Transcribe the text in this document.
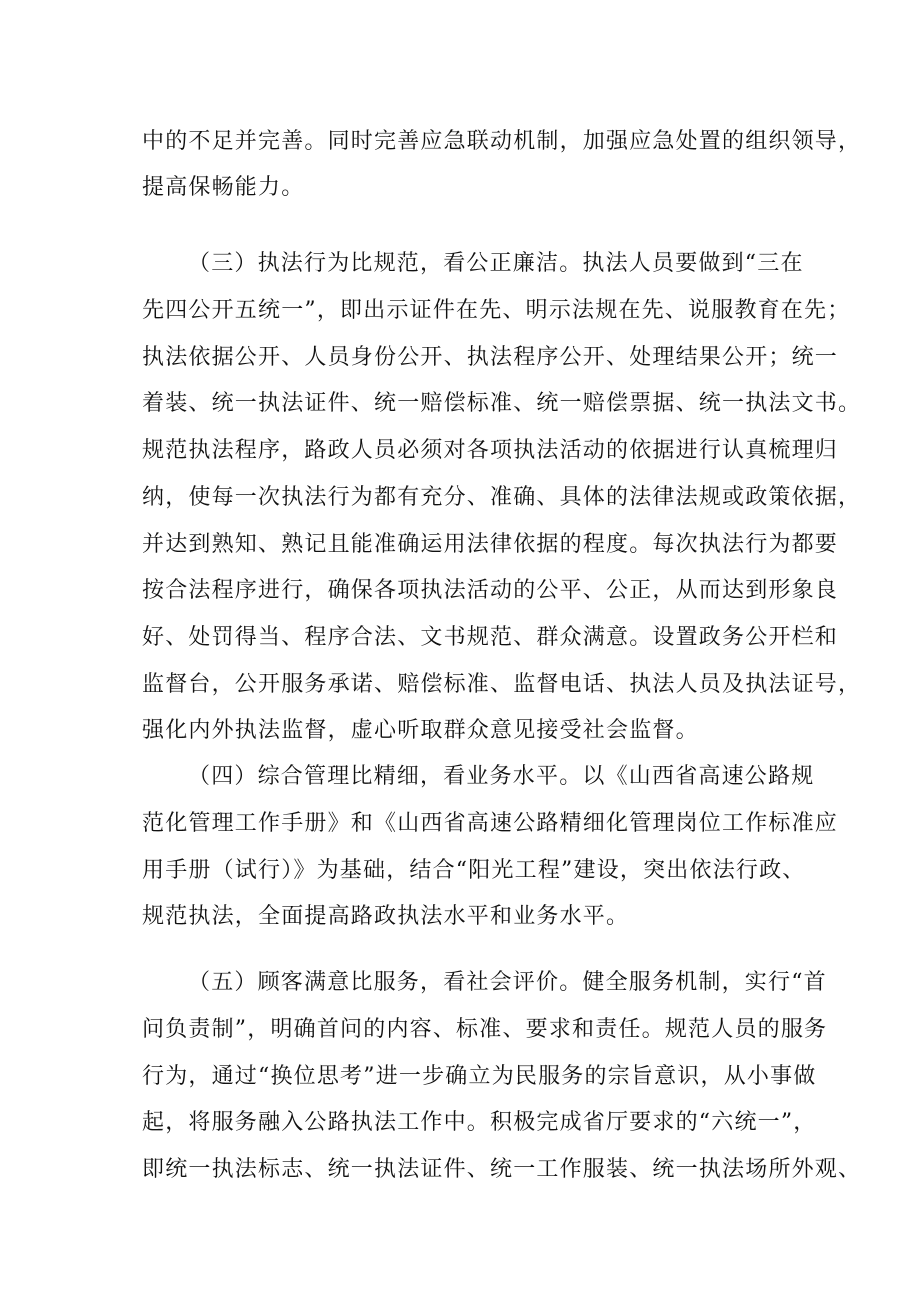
中的不足并完善。同时完善应急联动机制，加强应急处置的组织领导，
提高保畅能力。
（三）执法行为比规范，看公正廉洁。执法人员要做到“三在
先四公开五统一”，即出示证件在先、明示法规在先、说服教育在先；
执法依据公开、人员身份公开、执法程序公开、处理结果公开；统一
着装、统一执法证件、统一赔偿标准、统一赔偿票据、统一执法文书。
规范执法程序，路政人员必须对各项执法活动的依据进行认真梳理归
纳，使每一次执法行为都有充分、准确、具体的法律法规或政策依据，
并达到熟知、熟记且能准确运用法律依据的程度。每次执法行为都要
按合法程序进行，确保各项执法活动的公平、公正，从而达到形象良
好、处罚得当、程序合法、文书规范、群众满意。设置政务公开栏和
监督台，公开服务承诺、赔偿标准、监督电话、执法人员及执法证号，
强化内外执法监督，虚心听取群众意见接受社会监督。
（四）综合管理比精细，看业务水平。以《山西省高速公路规
范化管理工作手册》和《山西省高速公路精细化管理岗位工作标准应
用手册（试行）》为基础，结合“阳光工程”建设，突出依法行政、
规范执法，全面提高路政执法水平和业务水平。
（五）顾客满意比服务，看社会评价。健全服务机制，实行“首
问负责制”，明确首问的内容、标准、要求和责任。规范人员的服务
行为，通过“换位思考”进一步确立为民服务的宗旨意识，从小事做
起，将服务融入公路执法工作中。积极完成省厅要求的“六统一”，
即统一执法标志、统一执法证件、统一工作服装、统一执法场所外观、
